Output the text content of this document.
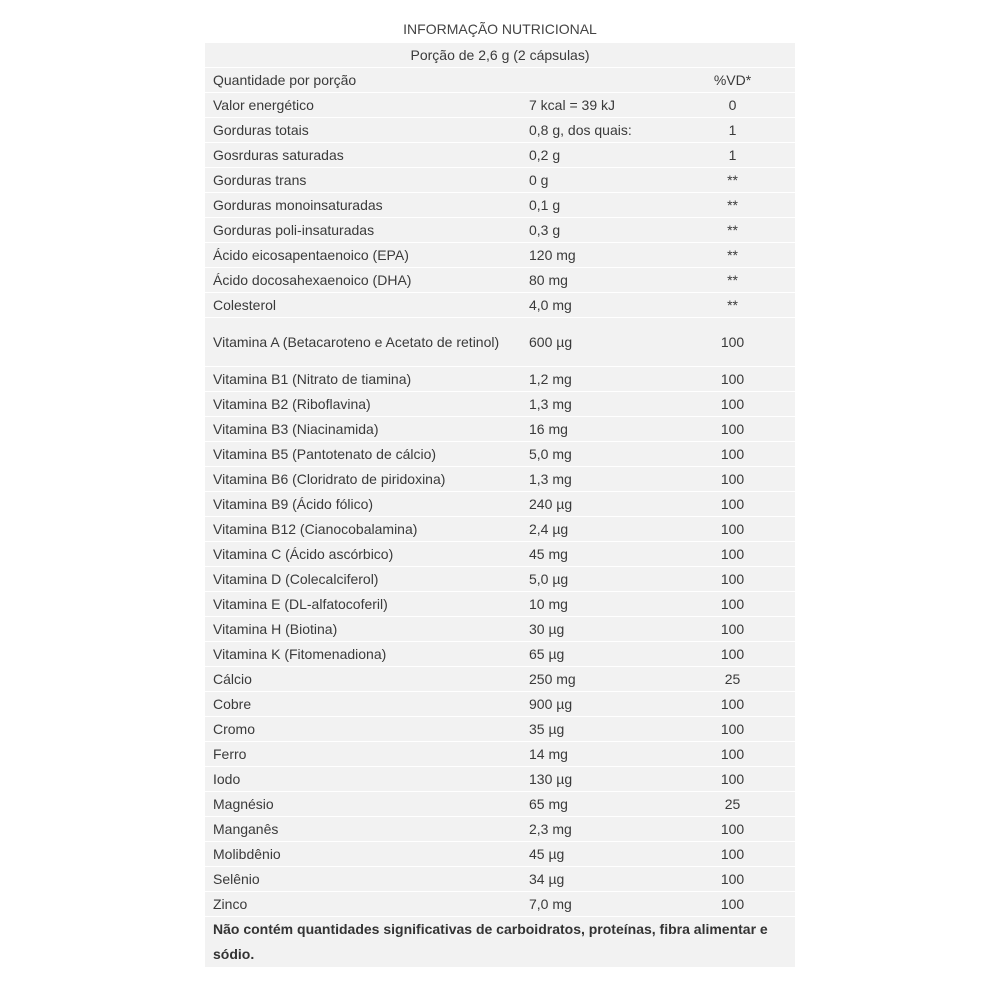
INFORMAÇÃO NUTRICIONAL
Porção de 2,6 g (2 cápsulas)		
Quantidade por porção		%VD*
Valor energético	7 kcal = 39 kJ	0
Gorduras totais	0,8 g, dos quais:	1
Gosrduras saturadas	0,2 g	1
Gorduras trans	0 g	**
Gorduras monoinsaturadas	0,1 g	**
Gorduras poli-insaturadas	0,3 g	**
Ácido eicosapentaenoico (EPA)	120 mg	**
Ácido docosahexaenoico (DHA)	80 mg	**
Colesterol	4,0 mg	**
Vitamina A (Betacaroteno e Acetato de retinol)	600 µg	100
Vitamina B1 (Nitrato de tiamina)	1,2 mg	100
Vitamina B2 (Riboflavina)	1,3 mg	100
Vitamina B3 (Niacinamida)	16 mg	100
Vitamina B5 (Pantotenato de cálcio)	5,0 mg	100
Vitamina B6 (Cloridrato de piridoxina)	1,3 mg	100
Vitamina B9 (Ácido fólico)	240 µg	100
Vitamina B12 (Cianocobalamina)	2,4 µg	100
Vitamina C (Ácido ascórbico)	45 mg	100
Vitamina D (Colecalciferol)	5,0 µg	100
Vitamina E (DL-alfatocoferil)	10 mg	100
Vitamina H (Biotina)	30 µg	100
Vitamina K (Fitomenadiona)	65 µg	100
Cálcio	250 mg	25
Cobre	900 µg	100
Cromo	35 µg	100
Ferro	14 mg	100
Iodo	130 µg	100
Magnésio	65 mg	25
Manganês	2,3 mg	100
Molibdênio	45 µg	100
Selênio	34 µg	100
Zinco	7,0 mg	100
Não contém quantidades significativas de carboidratos, proteínas, fibra alimentar e sódio.		
